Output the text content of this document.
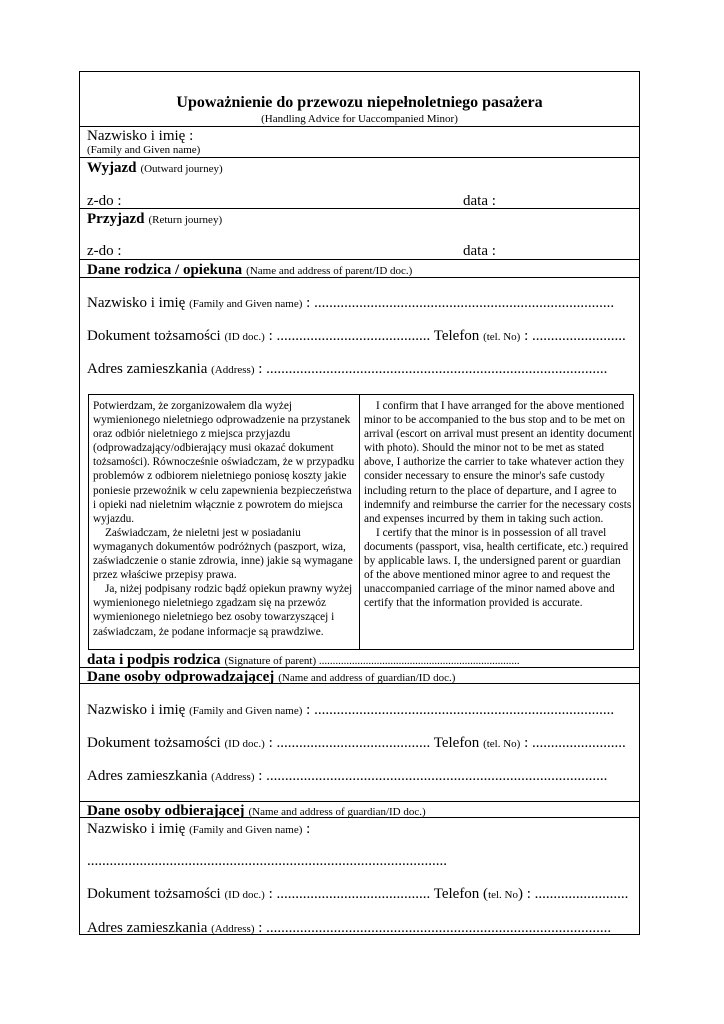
Upoważnienie do przewozu niepełnoletniego pasażera
(Handling Advice for Uaccompanied Minor)
Nazwisko i imię :
(Family and Given name)
Wyjazd (Outward journey)
z-do :	data :
Przyjazd (Return journey)
z-do :	data :
Dane rodzica / opiekuna (Name and address of parent/ID doc.)
Nazwisko i imię (Family and Given name) : ................................................................................
Dokument tożsamości (ID doc.) : ......................................... Telefon (tel. No) : .........................
Adres zamieszkania (Address) : ...........................................................................................

Potwierdzam, że zorganizowałem dla wyżej wymienionego nieletniego odprowadzenie na przystanek oraz odbiór nieletniego z miejsca przyjazdu (odprowadzający/odbierający musi okazać dokument tożsamości). Równocześnie oświadczam, że w przypadku problemów z odbiorem nieletniego poniosę koszty jakie poniesie przewoźnik w celu zapewnienia bezpieczeństwa i opieki nad nieletnim włącznie z powrotem do miejsca wyjazdu.

Zaświadczam, że nieletni jest w posiadaniu wymaganych dokumentów podróżnych (paszport, wiza, zaświadczenie o stanie zdrowia, inne) jakie są wymagane przez właściwe przepisy prawa.

Ja, niżej podpisany rodzic bądź opiekun prawny wyżej wymienionego nieletniego zgadzam się na przewóz wymienionego nieletniego bez osoby towarzyszącej i zaświadczam, że podane informacje są prawdziwe.

I confirm that I have arranged for the above mentioned minor to be accompanied to the bus stop and to be met on arrival (escort on arrival must present an identity document with photo). Should the minor not to be met as stated above, I authorize the carrier to take whatever action they consider necessary to ensure the minor's safe custody including return to the place of departure, and I agree to indemnify and reimburse the carrier for the necessary costs and expenses incurred by them in taking such action.

I certify that the minor is in possession of all travel documents (passport, visa, health certificate, etc.) required by applicable laws. I, the undersigned parent or guardian of the above mentioned minor agree to and request the unaccompanied carriage of the minor named above and certify that the information provided is accurate.

data i podpis rodzica (Signature of parent) .........................................................................
Dane osoby odprowadzającej (Name and address of guardian/ID doc.)
Nazwisko i imię (Family and Given name) : ................................................................................
Dokument tożsamości (ID doc.) : ......................................... Telefon (tel. No) : .........................
Adres zamieszkania (Address) : ...........................................................................................
Dane osoby odbierającej (Name and address of guardian/ID doc.)
Nazwisko i imię (Family and Given name) :
................................................................................................
Dokument tożsamości (ID doc.) : ......................................... Telefon (tel. No) : .........................
Adres zamieszkania (Address) : ............................................................................................
